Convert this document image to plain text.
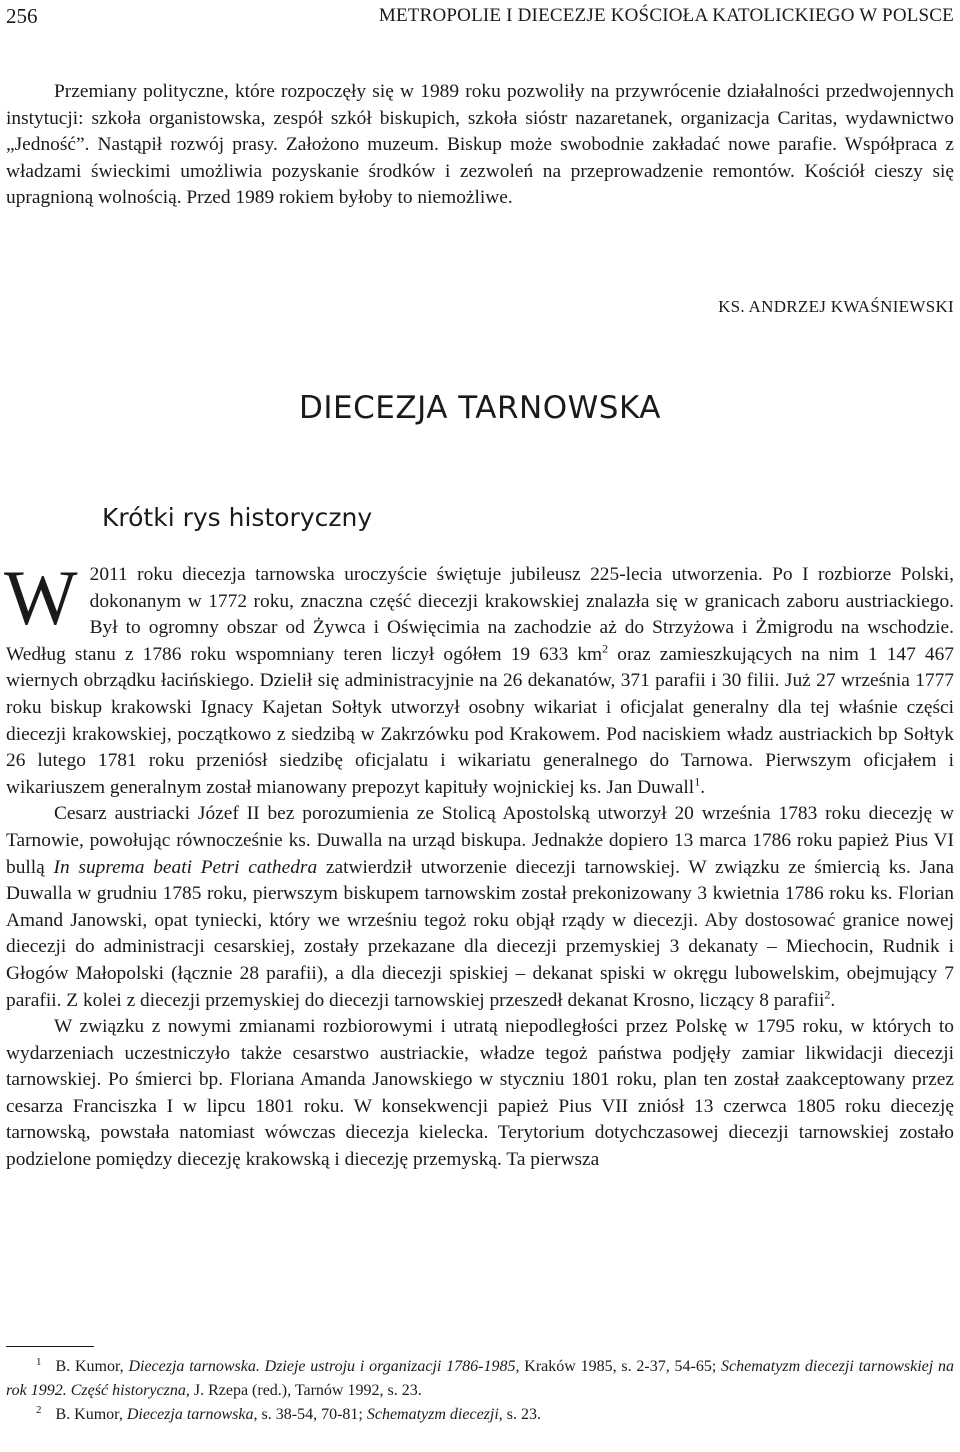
256	METROPOLIE I DIECEZJE KOŚCIOŁA KATOLICKIEGO W POLSCE

Przemiany polityczne, które rozpoczęły się w 1989 roku pozwoliły na przywrócenie działalności przedwojennych instytucji: szkoła organistowska, zespół szkół biskupich, szkoła sióstr nazaretanek, organizacja Caritas, wydawnictwo „Jedność”. Nastąpił rozwój prasy. Założono muzeum. Biskup może swobodnie zakładać nowe parafie. Współpraca z władzami świeckimi umożliwia pozyskanie środków i zezwoleń na przeprowadzenie remontów. Kościół cieszy się upragnioną wolnością. Przed 1989 rokiem byłoby to niemożliwe.

KS. ANDRZEJ KWAŚNIEWSKI
DIECEZJA TARNOWSKA
Krótki rys historyczny

W 2011 roku diecezja tarnowska uroczyście świętuje jubileusz 225-lecia utworzenia. Po I rozbiorze Polski, dokonanym w 1772 roku, znaczna część diecezji krakowskiej znalazła się w granicach zaboru austriackiego. Był to ogromny obszar od Żywca i Oświęcimia na zachodzie aż do Strzyżowa i Żmigrodu na wschodzie. Według stanu z 1786 roku wspomniany teren liczył ogółem 19 633 $km^2$ oraz zamieszkujących na nim 1 147 467 wiernych obrządku łacińskiego. Dzielił się administracyjnie na 26 dekanatów, 371 parafii i 30 filii. Już 27 września 1777 roku biskup krakowski Ignacy Kajetan Sołtyk utworzył osobny wikariat i oficjalat generalny dla tej właśnie części diecezji krakowskiej, początkowo z siedzibą w Zakrzówku pod Krakowem. Pod naciskiem władz austriackich bp Sołtyk 26 lutego 1781 roku przeniósł siedzibę oficjalatu i wikariatu generalnego do Tarnowa. Pierwszym oficjałem i wikariuszem generalnym został mianowany prepozyt kapituły wojnickiej ks. Jan Duwall$^1$.

Cesarz austriacki Józef II bez porozumienia ze Stolicą Apostolską utworzył 20 września 1783 roku diecezję w Tarnowie, powołując równocześnie ks. Duwalla na urząd biskupa. Jednakże dopiero 13 marca 1786 roku papież Pius VI bullą In suprema beati Petri cathedra zatwierdził utworzenie diecezji tarnowskiej. W związku ze śmiercią ks. Jana Duwalla w grudniu 1785 roku, pierwszym biskupem tarnowskim został prekonizowany 3 kwietnia 1786 roku ks. Florian Amand Janowski, opat tyniecki, który we wrześniu tegoż roku objął rządy w diecezji. Aby dostosować granice nowej diecezji do administracji cesarskiej, zostały przekazane dla diecezji przemyskiej 3 dekanaty – Miechocin, Rudnik i Głogów Małopolski (łącznie 28 parafii), a dla diecezji spiskiej – dekanat spiski w okręgu lubowelskim, obejmujący 7 parafii. Z kolei z diecezji przemyskiej do diecezji tarnowskiej przeszedł dekanat Krosno, liczący 8 parafii$^2$.

W związku z nowymi zmianami rozbiorowymi i utratą niepodległości przez Polskę w 1795 roku, w których to wydarzeniach uczestniczyło także cesarstwo austriackie, władze tegoż państwa podjęły zamiar likwidacji diecezji tarnowskiej. Po śmierci bp. Floriana Amanda Janowskiego w styczniu 1801 roku, plan ten został zaakceptowany przez cesarza Franciszka I w lipcu 1801 roku. W konsekwencji papież Pius VII zniósł 13 czerwca 1805 roku diecezję tarnowską, powstała natomiast wówczas diecezja kielecka. Terytorium dotychczasowej diecezji tarnowskiej zostało podzielone pomiędzy diecezję krakowską i diecezję przemyską. Ta pierwsza

$^1$ B. Kumor, Diecezja tarnowska. Dzieje ustroju i organizacji 1786-1985, Kraków 1985, s. 2-37, 54-65; Schematyzm diecezji tarnowskiej na rok 1992. Część historyczna, J. Rzepa (red.), Tarnów 1992, s. 23.

$^2$ B. Kumor, Diecezja tarnowska, s. 38-54, 70-81; Schematyzm diecezji, s. 23.
